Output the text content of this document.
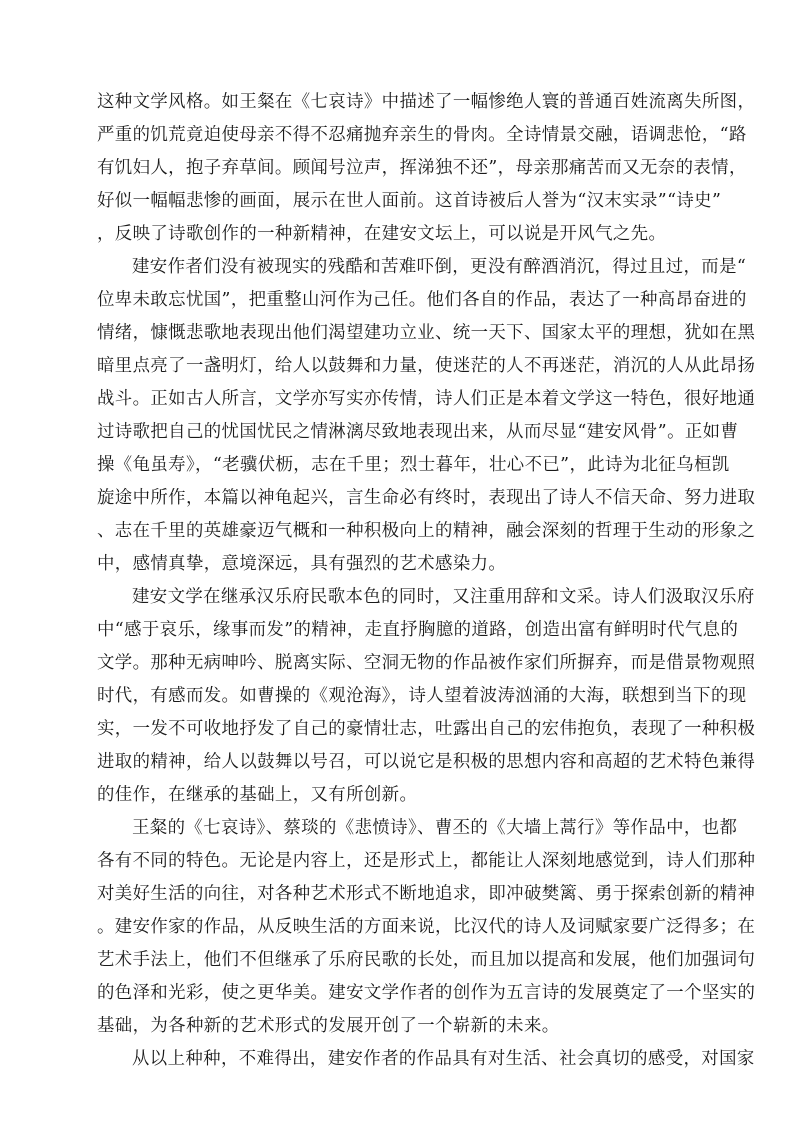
这种文学风格。如王粲在《七哀诗》中描述了一幅惨绝人寰的普通百姓流离失所图，
严重的饥荒竟迫使母亲不得不忍痛抛弃亲生的骨肉。全诗情景交融，语调悲怆，“路
有饥妇人，抱子弃草间。顾闻号泣声，挥涕独不还”，母亲那痛苦而又无奈的表情，
好似一幅幅悲惨的画面，展示在世人面前。这首诗被后人誉为“汉末实录”“诗史”
，反映了诗歌创作的一种新精神，在建安文坛上，可以说是开风气之先。
建安作者们没有被现实的残酷和苦难吓倒，更没有醉酒消沉，得过且过，而是“
位卑未敢忘忧国”，把重整山河作为己任。他们各自的作品，表达了一种高昂奋进的
情绪，慷慨悲歌地表现出他们渴望建功立业、统一天下、国家太平的理想，犹如在黑
暗里点亮了一盏明灯，给人以鼓舞和力量，使迷茫的人不再迷茫，消沉的人从此昂扬
战斗。正如古人所言，文学亦写实亦传情，诗人们正是本着文学这一特色，很好地通
过诗歌把自己的忧国忧民之情淋漓尽致地表现出来，从而尽显“建安风骨”。正如曹
操《龟虽寿》，“老骥伏枥，志在千里；烈士暮年，壮心不已”，此诗为北征乌桓凯
旋途中所作，本篇以神龟起兴，言生命必有终时，表现出了诗人不信天命、努力进取
、志在千里的英雄豪迈气概和一种积极向上的精神，融会深刻的哲理于生动的形象之
中，感情真挚，意境深远，具有强烈的艺术感染力。
建安文学在继承汉乐府民歌本色的同时，又注重用辞和文采。诗人们汲取汉乐府
中“感于哀乐，缘事而发”的精神，走直抒胸臆的道路，创造出富有鲜明时代气息的
文学。那种无病呻吟、脱离实际、空洞无物的作品被作家们所摒弃，而是借景物观照
时代，有感而发。如曹操的《观沧海》，诗人望着波涛汹涌的大海，联想到当下的现
实，一发不可收地抒发了自己的豪情壮志，吐露出自己的宏伟抱负，表现了一种积极
进取的精神，给人以鼓舞以号召，可以说它是积极的思想内容和高超的艺术特色兼得
的佳作，在继承的基础上，又有所创新。
王粲的《七哀诗》、蔡琰的《悲愤诗》、曹丕的《大墙上蒿行》等作品中，也都
各有不同的特色。无论是内容上，还是形式上，都能让人深刻地感觉到，诗人们那种
对美好生活的向往，对各种艺术形式不断地追求，即冲破樊篱、勇于探索创新的精神
。建安作家的作品，从反映生活的方面来说，比汉代的诗人及词赋家要广泛得多；在
艺术手法上，他们不但继承了乐府民歌的长处，而且加以提高和发展，他们加强词句
的色泽和光彩，使之更华美。建安文学作者的创作为五言诗的发展奠定了一个坚实的
基础，为各种新的艺术形式的发展开创了一个崭新的未来。
从以上种种，不难得出，建安作者的作品具有对生活、社会真切的感受，对国家
